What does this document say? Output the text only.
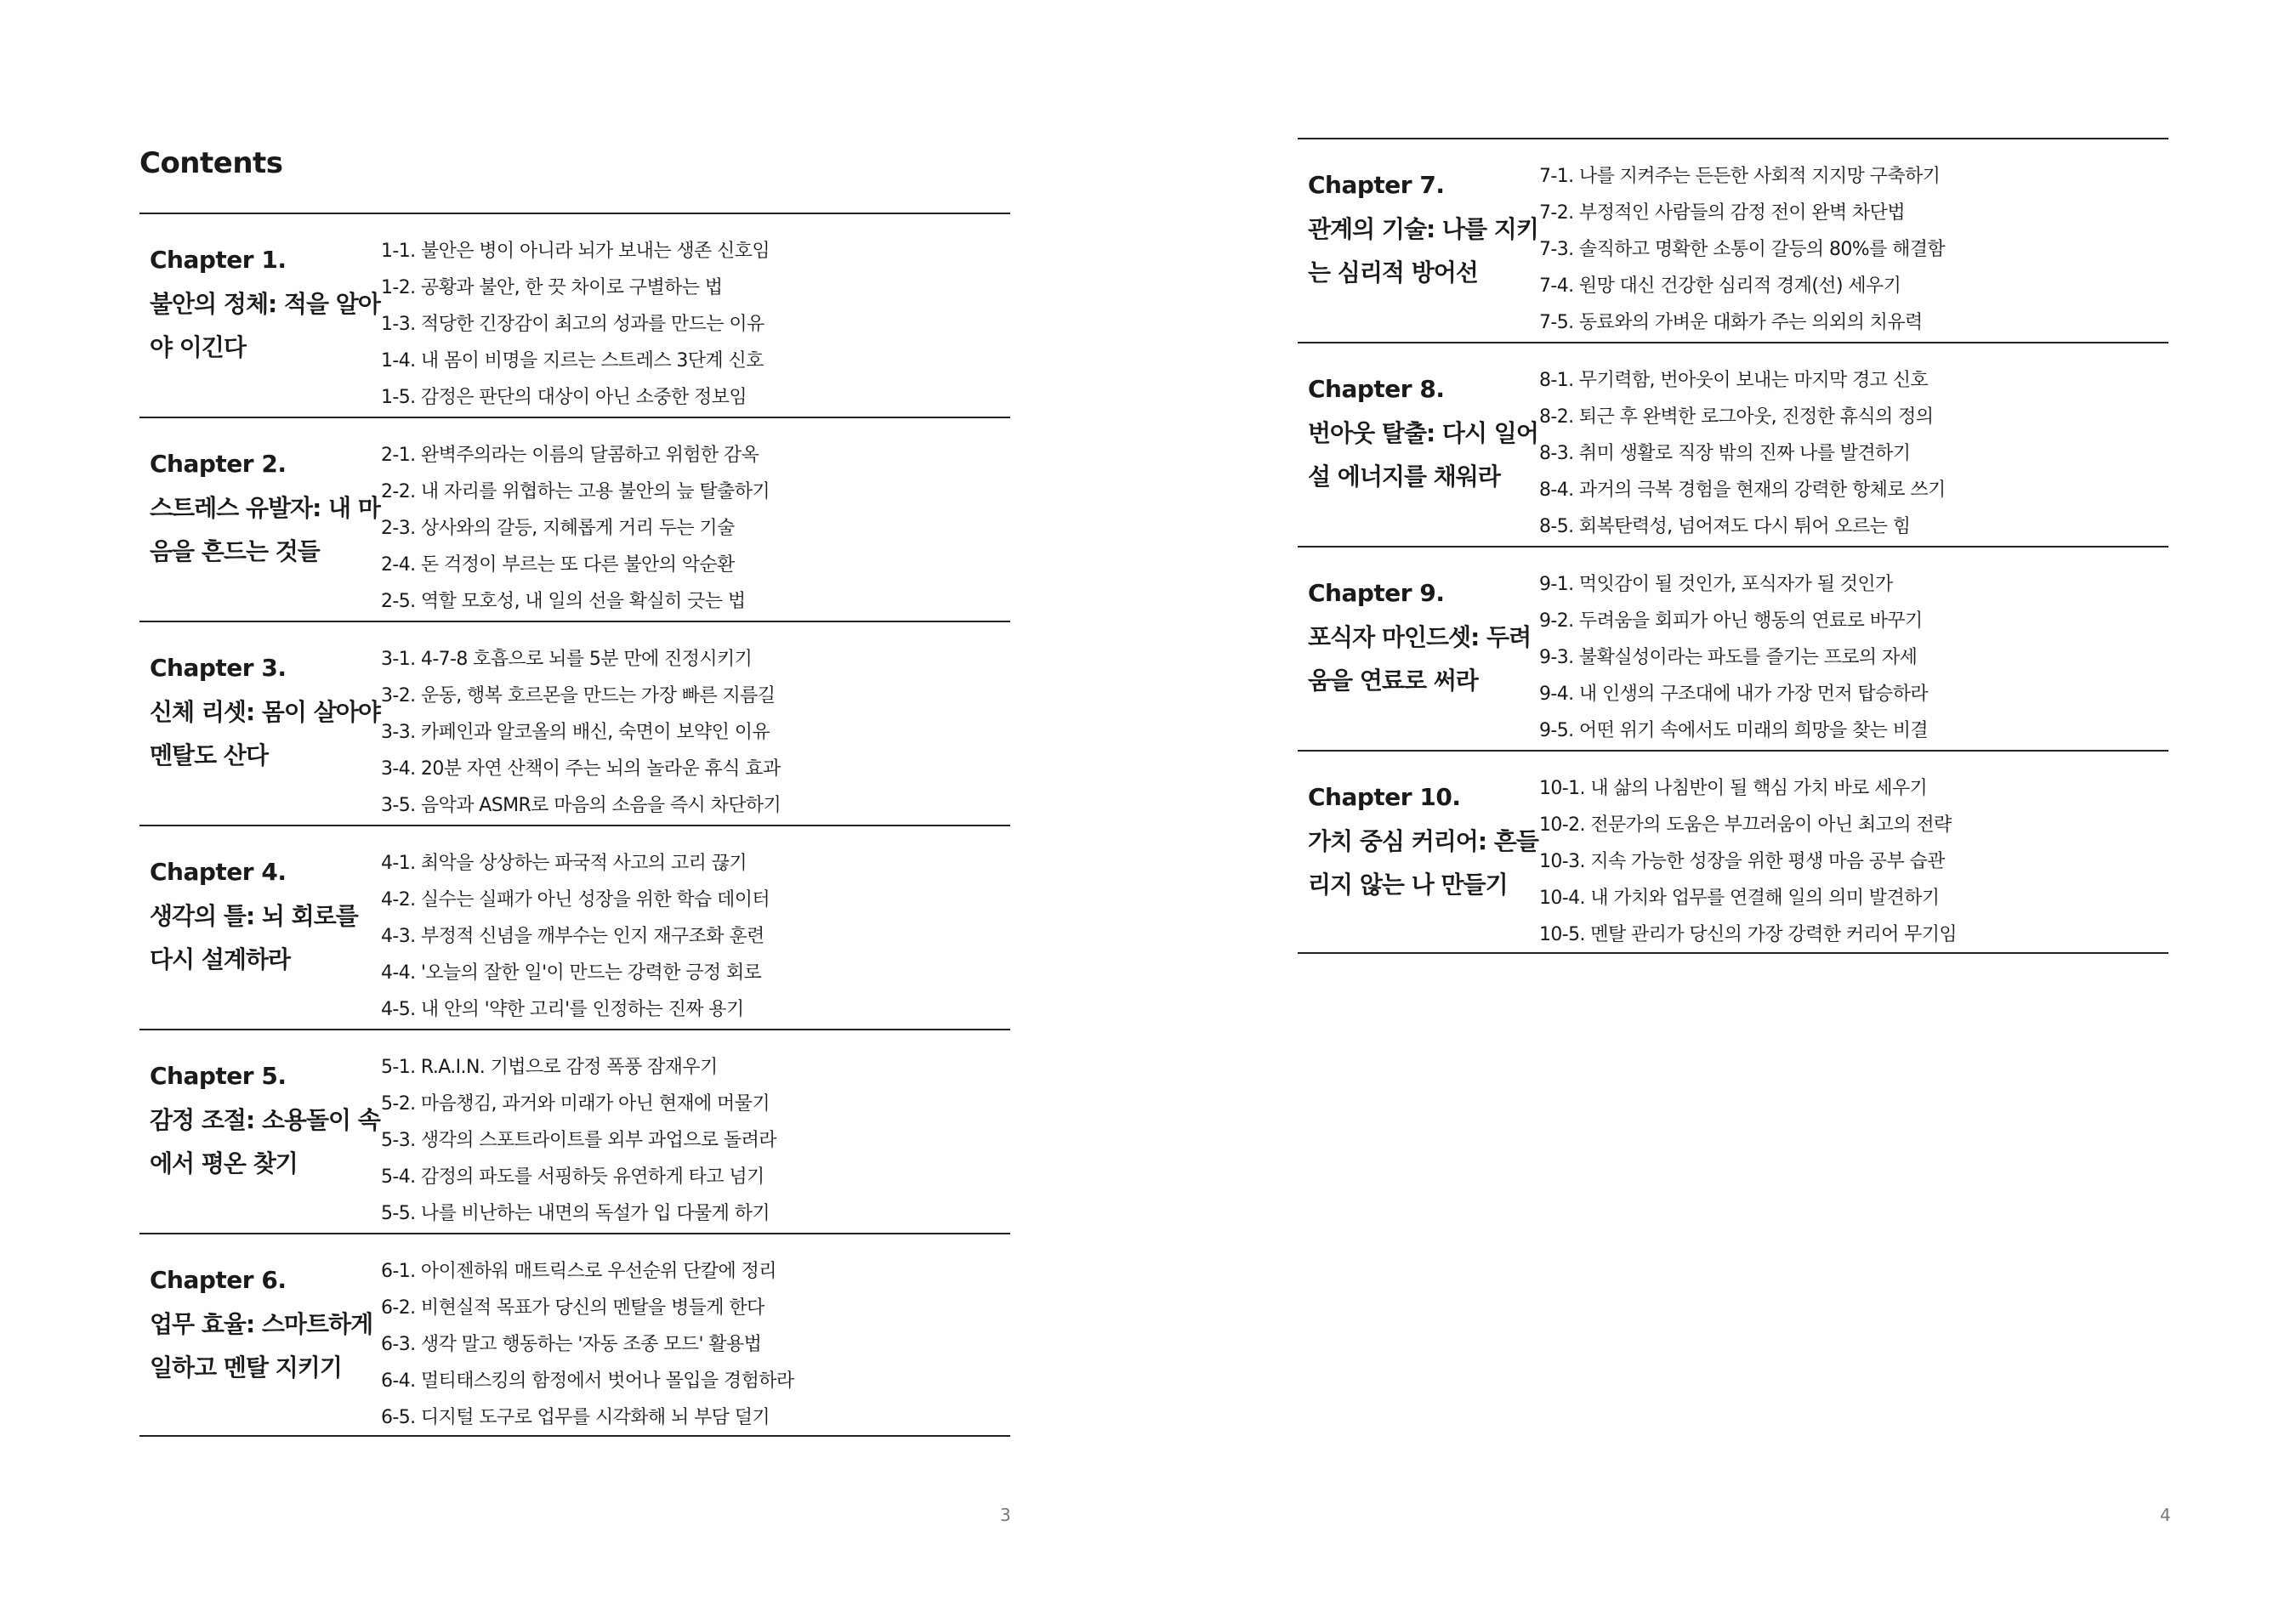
Contents
Chapter 1.
불안의 정체: 적을 알아야 이긴다
1-1. 불안은 병이 아니라 뇌가 보내는 생존 신호임
1-2. 공황과 불안, 한 끗 차이로 구별하는 법
1-3. 적당한 긴장감이 최고의 성과를 만드는 이유
1-4. 내 몸이 비명을 지르는 스트레스 3단계 신호
1-5. 감정은 판단의 대상이 아닌 소중한 정보임
Chapter 2.
스트레스 유발자: 내 마음을 흔드는 것들
2-1. 완벽주의라는 이름의 달콤하고 위험한 감옥
2-2. 내 자리를 위협하는 고용 불안의 늪 탈출하기
2-3. 상사와의 갈등, 지혜롭게 거리 두는 기술
2-4. 돈 걱정이 부르는 또 다른 불안의 악순환
2-5. 역할 모호성, 내 일의 선을 확실히 긋는 법
Chapter 3.
신체 리셋: 몸이 살아야 멘탈도 산다
3-1. 4-7-8 호흡으로 뇌를 5분 만에 진정시키기
3-2. 운동, 행복 호르몬을 만드는 가장 빠른 지름길
3-3. 카페인과 알코올의 배신, 숙면이 보약인 이유
3-4. 20분 자연 산책이 주는 뇌의 놀라운 휴식 효과
3-5. 음악과 ASMR로 마음의 소음을 즉시 차단하기
Chapter 4.
생각의 틀: 뇌 회로를 다시 설계하라
4-1. 최악을 상상하는 파국적 사고의 고리 끊기
4-2. 실수는 실패가 아닌 성장을 위한 학습 데이터
4-3. 부정적 신념을 깨부수는 인지 재구조화 훈련
4-4. '오늘의 잘한 일'이 만드는 강력한 긍정 회로
4-5. 내 안의 '약한 고리'를 인정하는 진짜 용기
Chapter 5.
감정 조절: 소용돌이 속에서 평온 찾기
5-1. R.A.I.N. 기법으로 감정 폭풍 잠재우기
5-2. 마음챙김, 과거와 미래가 아닌 현재에 머물기
5-3. 생각의 스포트라이트를 외부 과업으로 돌려라
5-4. 감정의 파도를 서핑하듯 유연하게 타고 넘기
5-5. 나를 비난하는 내면의 독설가 입 다물게 하기
Chapter 6.
업무 효율: 스마트하게 일하고 멘탈 지키기
6-1. 아이젠하워 매트릭스로 우선순위 단칼에 정리
6-2. 비현실적 목표가 당신의 멘탈을 병들게 한다
6-3. 생각 말고 행동하는 '자동 조종 모드' 활용법
6-4. 멀티태스킹의 함정에서 벗어나 몰입을 경험하라
6-5. 디지털 도구로 업무를 시각화해 뇌 부담 덜기
3
Chapter 7.
관계의 기술: 나를 지키는 심리적 방어선
7-1. 나를 지켜주는 든든한 사회적 지지망 구축하기
7-2. 부정적인 사람들의 감정 전이 완벽 차단법
7-3. 솔직하고 명확한 소통이 갈등의 80%를 해결함
7-4. 원망 대신 건강한 심리적 경계(선) 세우기
7-5. 동료와의 가벼운 대화가 주는 의외의 치유력
Chapter 8.
번아웃 탈출: 다시 일어설 에너지를 채워라
8-1. 무기력함, 번아웃이 보내는 마지막 경고 신호
8-2. 퇴근 후 완벽한 로그아웃, 진정한 휴식의 정의
8-3. 취미 생활로 직장 밖의 진짜 나를 발견하기
8-4. 과거의 극복 경험을 현재의 강력한 항체로 쓰기
8-5. 회복탄력성, 넘어져도 다시 튀어 오르는 힘
Chapter 9.
포식자 마인드셋: 두려움을 연료로 써라
9-1. 먹잇감이 될 것인가, 포식자가 될 것인가
9-2. 두려움을 회피가 아닌 행동의 연료로 바꾸기
9-3. 불확실성이라는 파도를 즐기는 프로의 자세
9-4. 내 인생의 구조대에 내가 가장 먼저 탑승하라
9-5. 어떤 위기 속에서도 미래의 희망을 찾는 비결
Chapter 10.
가치 중심 커리어: 흔들리지 않는 나 만들기
10-1. 내 삶의 나침반이 될 핵심 가치 바로 세우기
10-2. 전문가의 도움은 부끄러움이 아닌 최고의 전략
10-3. 지속 가능한 성장을 위한 평생 마음 공부 습관
10-4. 내 가치와 업무를 연결해 일의 의미 발견하기
10-5. 멘탈 관리가 당신의 가장 강력한 커리어 무기임
4
